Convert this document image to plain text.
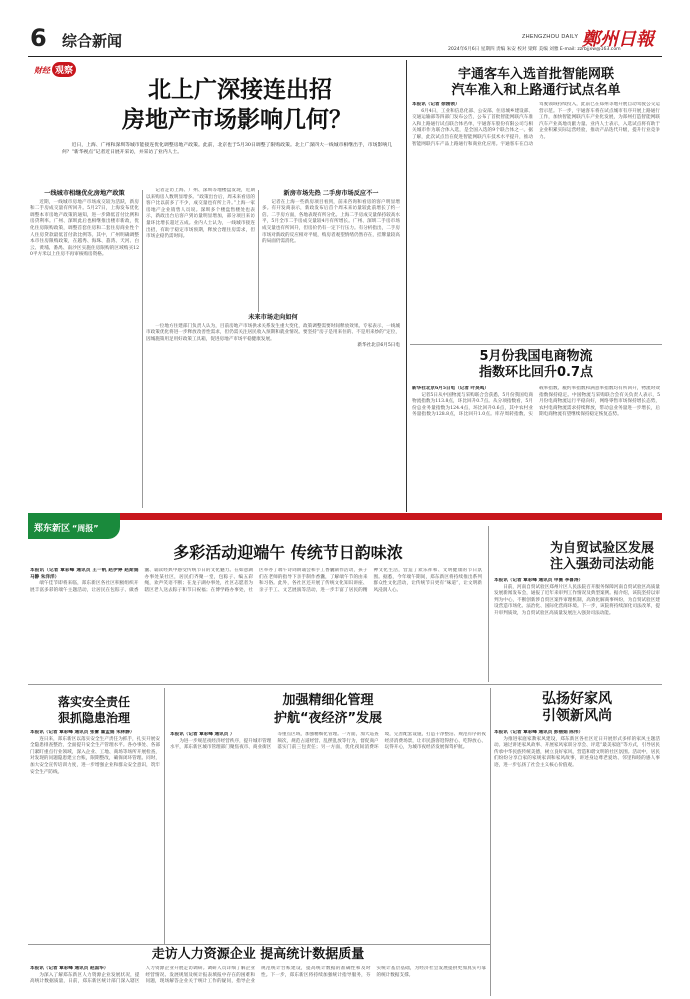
6 综合新闻	ZHENGZHOU DAILY 鄭州日報
2024年6月6日 星期四 责编 朱安 校对 梁辉 美编 刘雅 E-mail: zzrbjjxw@163.com
财经 观察
北上广深接连出招
房地产市场影响几何？

近日，上海、广州和深圳等城市能接连优化调整房地产政策。此前，北京也于5月30日调整了限购政策。北上广深四大一线城市相继出手，市场影响几何？“新华视点”记者近日展开采访，并采访了业内人士。

一线城市相继优化房地产政策

近期，一线城市房地产市场成交较为活跃，新房和二手房成交量有所回升。5月27日，上海发布优化调整本市房地产政策的通知，进一步降低首付比例和房贷利率。广州、深圳此后也相继推出楼市新政，优化住房限购政策，调整首套住房和二套住房商业性个人住房贷款最低首付款比例等。其中，广州明确调整本市住房限购政策，在越秀、海珠、荔湾、天河、白云、黄埔、番禺、南沙区实施住房限购的区域购买120平方米以上住房不再审核购房资格。

记者走访上海、广州、深圳等地楼盘发现，近期以来购房人数明显增多。“政策出台后，周末来看房的客户比以前多了不少，成交量也有所上升。”上海一家房地产企业销售人员说。深圳多个楼盘售楼处也表示，新政出台后客户到访量明显增加，部分项目来访量环比增长超过五成。业内人士认为，一线城市接连出招，有助于稳定市场预期，释放合理住房需求，但市场企稳仍需时间。

新房市场先热 二手房市场反应不一

记者在上海一些新房项目看到，前来咨询和看房的客户明显增多。有开发商表示，新政发布后首个周末来访量较此前增长了约一倍。二手房方面，各地表现有所分化。上海二手房成交量保持较高水平，5月全市二手房成交量较4月有所增长。广州、深圳二手房市场成交量也有所回升，但房价仍有一定下行压力。有分析指出，二手房市场对新政的反应相对平缓，购房者观望情绪仍然存在，挂牌量较高的局面仍需消化。

未来市场走向如何

一位地方住建部门负责人认为，目前房地产市场供求关系发生重大变化，政策调整需要时间释放效果。专家表示，一线城市政策优化将进一步释放改善性需求，但仍需关注居民收入预期和就业情况。要坚持“房子是用来住的、不是用来炒的”定位，因城施策用足用好政策工具箱，促进房地产市场平稳健康发展。

新华社北京6月5日电
宇通客车入选首批智能网联
汽车准入和上路通行试点名单
本报讯（记者 徐刚领）

6月4日，工业和信息化部、公安部、住房城乡建设部、交通运输部等四部门发布公告，公布了首批智能网联汽车准入和上路通行试点联合体名单，宇通客车股份有限公司与相关城市作为联合体入选，是全国入选的9个联合体之一。据了解，此次试点旨在促进智能网联汽车技术水平提升，推动智能网联汽车产品上路通行和商业化应用。宇通客车在自动驾驶领域持续投入，此前已在郑州等地开展自动驾驶公交运营示范。下一步，宇通客车将在试点城市有序开展上路通行工作，加快智能网联汽车产业化发展，为郑州打造智能网联汽车产业高地贡献力量。业内人士表示，入选试点将有助于企业积累实际运营经验，推动产品迭代升级，提升行业竞争力。

5月份我国电商物流
指数环比回升0.7点
新华社北京6月5日电（记者 叶昊鸣）

记者5日从中国物流与采购联合会获悉，5月份我国电商物流指数为113.8点，环比回升0.7点。从分项指数看，5月份总业务量指数为124.4点，环比回升0.6点，其中农村业务量指数为128.8点，环比回升1.0点。库存周转指数、实载率指数、履约率指数和满意率指数均有所回升，物流时效指数保持稳定。中国物流与采购联合会有关负责人表示，5月份电商物流运行平稳向好，网络零售市场保持增长态势，农村电商物流需求持续释放，带动总业务量进一步增长，后期电商物流有望继续保持稳定恢复态势。

郑东新区 “周报”
多彩活动迎端午 传统节日韵味浓
本报讯（记者 覃彩峰 通讯员 王一帆 赵伊婷 赵斯娟 马静 朱洋洋）

端午佳节即将来临，郑东新区各社区积极组织开展丰富多彩的端午主题活动，让居民在包粽子、做香囊、诵读经典中感受传统节日的文化魅力。在如意湖办事处某社区，居民们齐聚一堂，包粽子、编五彩绳，欢声笑语不断；在龙子湖办事处，社区志愿者为辖区老人送去粽子和节日祝福；在博学路办事处，社区举办了端午诗词朗诵会和手工香囊制作活动，孩子们在老师的指导下亲手制作香囊，了解端午节的由来和习俗。此外，各社区还开展了传统文化知识讲座、亲子手工、文艺展演等活动，进一步丰富了居民的精神文化生活，营造了欢乐祥和、文明健康的节日氛围。据悉，今年端午期间，郑东新区将持续推出系列群众性文化活动，让传统节日更有“味道”，让文明新风浸润人心。

为自贸试验区发展
注入强劲司法动能
本报讯（记者 覃彩峰 通讯员 申薇 李喜涛）

日前，河南自贸试验区郑州片区人民法院召开服务保障河南自贸试验区高质量发展新闻发布会，通报了近年来审判工作情况及典型案例。据介绍，该院坚持以审判为中心，不断创新涉自贸区案件审理机制，高效化解商事纠纷，为自贸试验区建设营造市场化、法治化、国际化营商环境。下一步，该院将持续深化司法改革，提升审判质效，为自贸试验区高质量发展注入强劲司法动能。

落实安全责任
狠抓隐患治理
本报讯（记者 覃彩峰 通讯员 张蕾 霍孟娟 朱林静）

连日来，郑东新区以落实安全生产责任为抓手，扎实开展安全隐患排查整治，全面提升安全生产管理水平。各办事处、各部门紧盯重点行业领域，深入企业、工地、商场等场所开展检查，对发现的问题隐患建立台账，限期整改，确保闭环管理。同时，加大安全宣传培训力度，进一步增强企业和群众安全意识，筑牢安全生产防线。

加强精细化管理
护航“夜经济”发展
本报讯（记者 覃彩峰 通讯员 ）

为进一步规范夜经济经营秩序，提升城市管理水平，郑东新区城市管理部门聚焦夜市、商业街区等重点区域，加强精细化管理。一方面，加大巡查频次，规范占道经营、乱摆乱放等行为，督促商户落实门前三包责任；另一方面，优化夜间消费环境，完善配套设施，打造干净整洁、规范有序的夜经济消费场景，让市民游客逛得舒心、吃得放心、玩得开心，为城市夜经济发展保驾护航。

弘扬好家风
引领新风尚
本报讯（记者 覃彩峰 通讯员 彭丽娟 陈伟）

为推进家庭家教家风建设，郑东新区各社区近日开展形式多样的家风主题活动。通过讲述家风故事、开展家风家训分享会、评选“最美家庭”等方式，引导居民传承中华民族传统美德，树立良好家风，营造和谐文明的社区氛围。活动中，居民们纷纷分享自家的家规家训和家风故事，讲述身边尊老爱幼、邻里和睦的感人事迹，进一步弘扬了社会主义核心价值观。

走访人力资源企业 提高统计数据质量
本报讯（记者 覃彩峰 通讯员 赵国华）

为深入了解郑东新区人力资源企业发展状况，提高统计数据质量，日前，郑东新区统计部门深入辖区人力资源企业开展走访调研。调研人员详细了解企业经营情况、发展规划及统计报表填报中存在的困难和问题，现场解答企业关于统计工作的疑问，指导企业规范统计台账建设，提高统计数据的准确性和及时性。下一步，郑东新区将持续加强统计指导服务，夯实统计基层基础，为经济社会发展提供更加真实可靠的统计数据支撑。
